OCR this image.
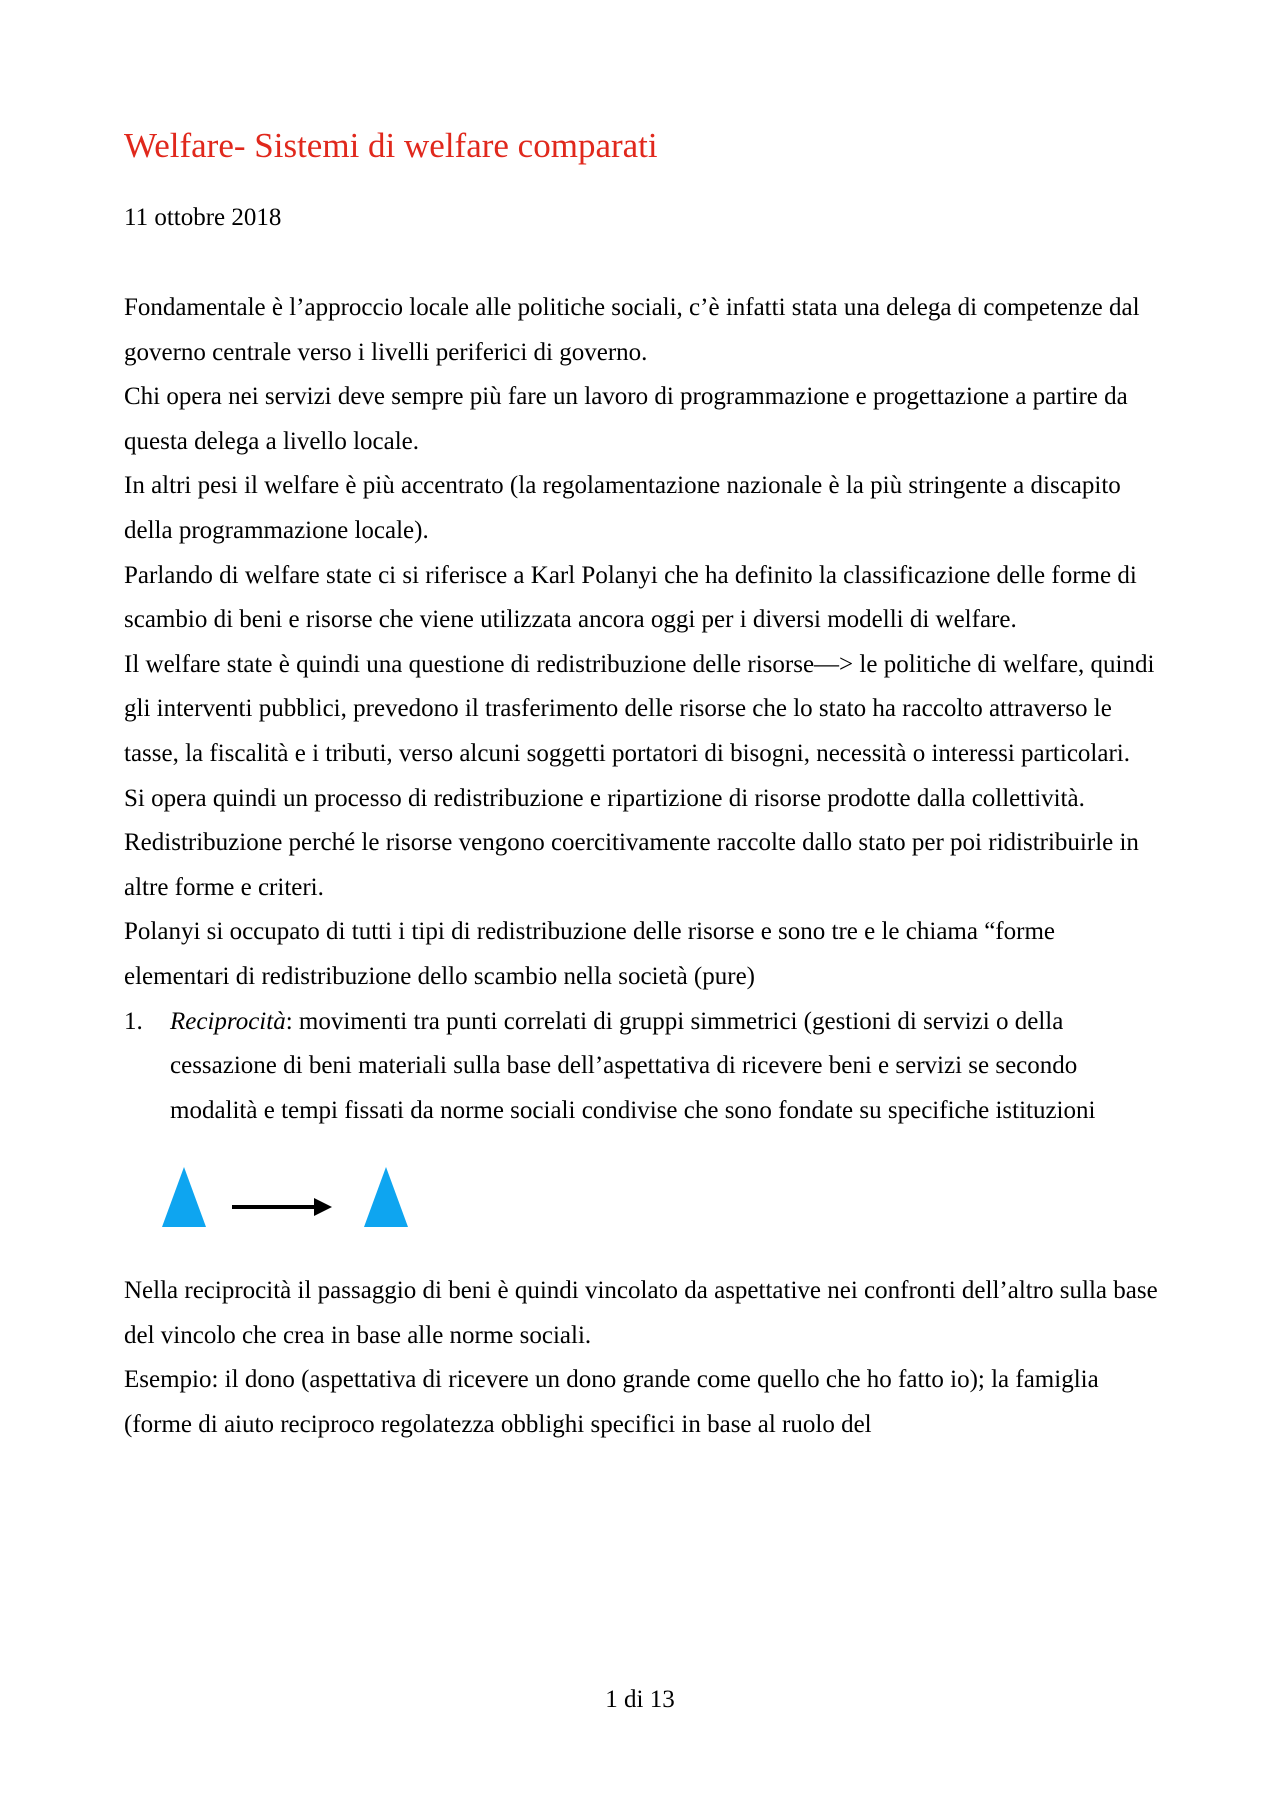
Welfare- Sistemi di welfare comparati
11 ottobre 2018

Fondamentale è l’approccio locale alle politiche sociali, c’è infatti stata una delega di competenze dal governo centrale verso i livelli periferici di governo.

Chi opera nei servizi deve sempre più fare un lavoro di programmazione e progettazione a partire da questa delega a livello locale.

In altri pesi il welfare è più accentrato (la regolamentazione nazionale è la più stringente a discapito della programmazione locale).

Parlando di welfare state ci si riferisce a Karl Polanyi che ha definito la classificazione delle forme di scambio di beni e risorse che viene utilizzata ancora oggi per i diversi modelli di welfare.

Il welfare state è quindi una questione di redistribuzione delle risorse—> le politiche di welfare, quindi gli interventi pubblici, prevedono il trasferimento delle risorse che lo stato ha raccolto attraverso le tasse, la fiscalità e i tributi, verso alcuni soggetti portatori di bisogni, necessità o interessi particolari.

Si opera quindi un processo di redistribuzione e ripartizione di risorse prodotte dalla collettività.

Redistribuzione perché le risorse vengono coercitivamente raccolte dallo stato per poi ridistribuirle in altre forme e criteri.

Polanyi si occupato di tutti i tipi di redistribuzione delle risorse e sono tre e le chiama “forme elementari di redistribuzione dello scambio nella società (pure)

1. Reciprocità: movimenti tra punti correlati di gruppi simmetrici (gestioni di servizi o della cessazione di beni materiali sulla base dell’aspettativa di ricevere beni e servizi se secondo modalità e tempi fissati da norme sociali condivise che sono fondate su specifiche istituzioni

Nella reciprocità il passaggio di beni è quindi vincolato da aspettative nei confronti dell’altro sulla base del vincolo che crea in base alle norme sociali.

Esempio: il dono (aspettativa di ricevere un dono grande come quello che ho fatto io); la famiglia (forme di aiuto reciproco regolatezza obblighi specifici in base al ruolo del

1 di 13
